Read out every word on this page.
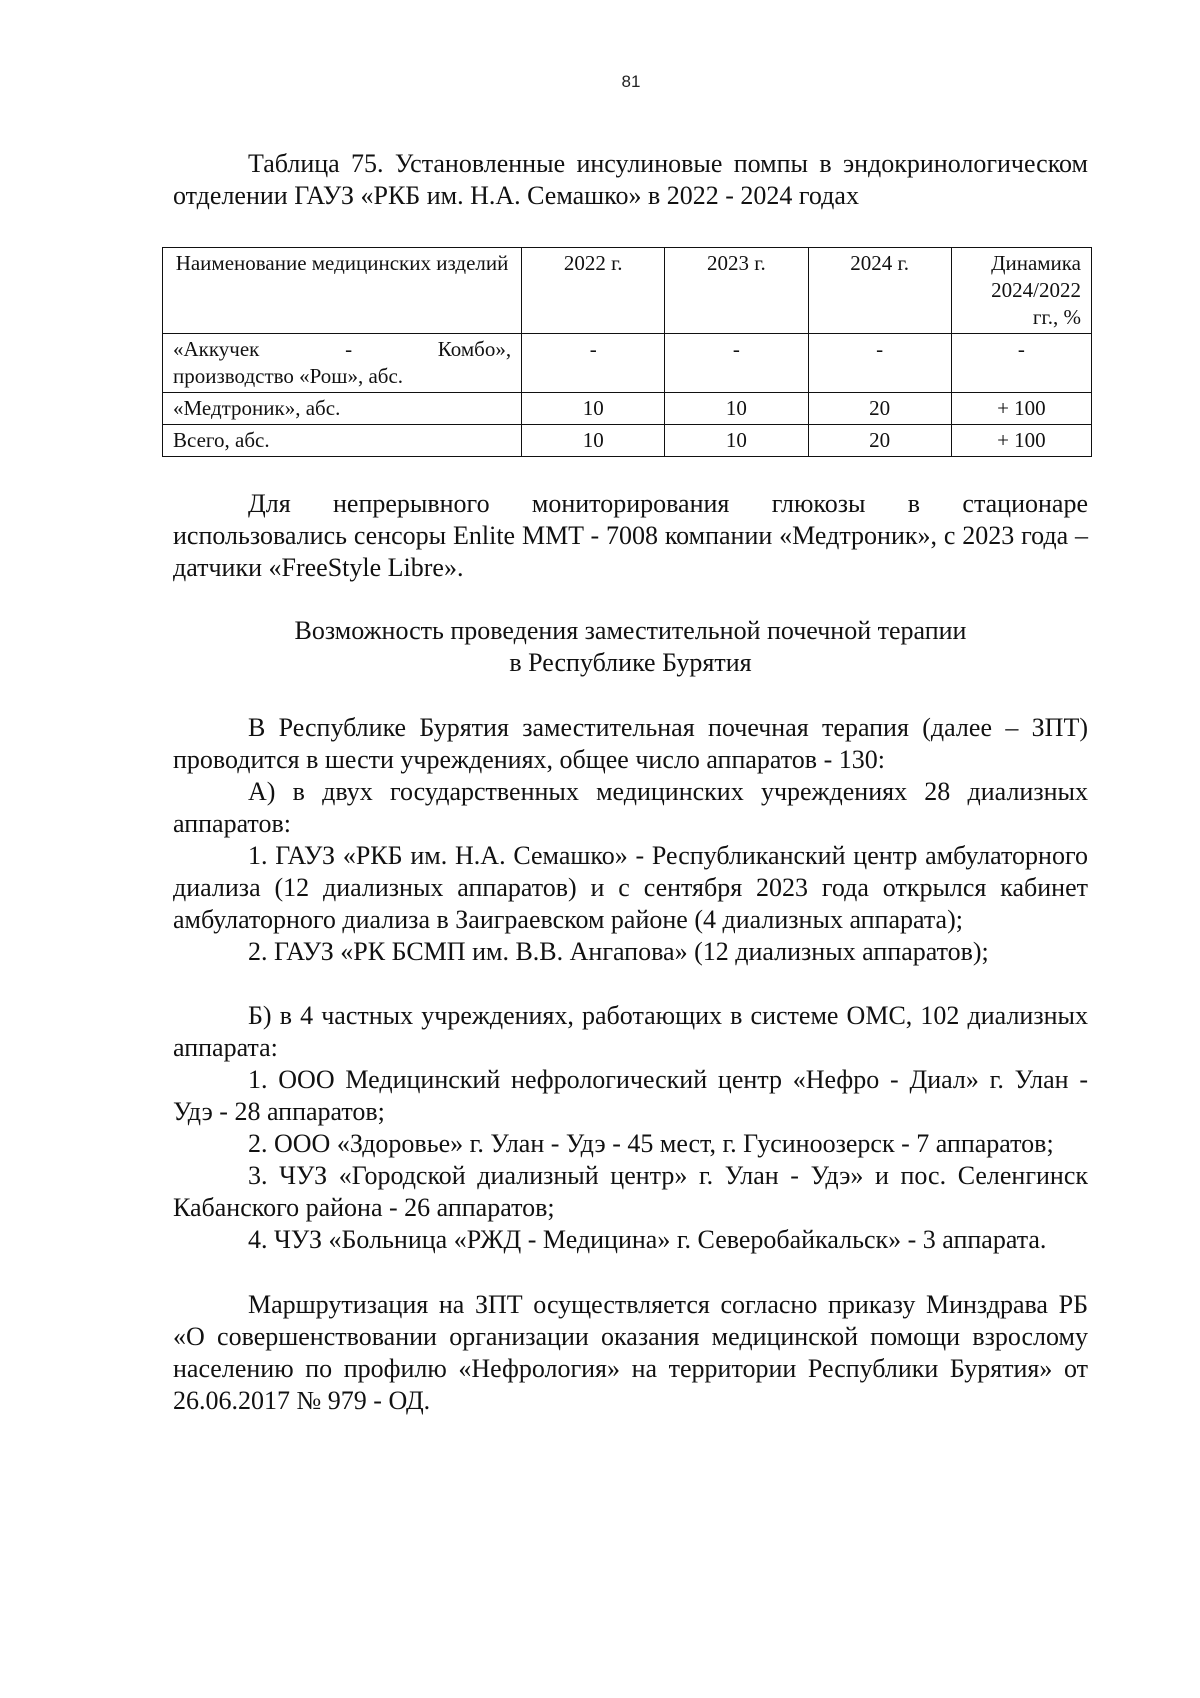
81

Таблица 75. Установленные инсулиновые помпы в эндокринологическом отделении ГАУЗ «РКБ им. Н.А. Семашко» в 2022 - 2024 годах

Наименование медицинских изделий	2022 г.	2023 г.	2024 г.	Динамика 2024/2022 гг., %

«Аккучек - Комбо»,
производство «Рош», абс.	-	-	-	-
«Медтроник», абс.	10	10	20	+ 100
Всего, абс.	10	10	20	+ 100

Для непрерывного мониторирования глюкозы в стационаре использовались сенсоры Enlite MMT - 7008 компании «Медтроник», с 2023 года – датчики «FreeStyle Libre».

Возможность проведения заместительной почечной терапии

в Республике Бурятия

В Республике Бурятия заместительная почечная терапия (далее – ЗПТ) проводится в шести учреждениях, общее число аппаратов - 130:

А) в двух государственных медицинских учреждениях 28 диализных аппаратов:

1. ГАУЗ «РКБ им. Н.А. Семашко» - Республиканский центр амбулаторного диализа (12 диализных аппаратов) и с сентября 2023 года открылся кабинет амбулаторного диализа в Заиграевском районе (4 диализных аппарата);

2. ГАУЗ «РК БСМП им. В.В. Ангапова» (12 диализных аппаратов);

Б) в 4 частных учреждениях, работающих в системе ОМС, 102 диализных аппарата:

1. ООО Медицинский нефрологический центр «Нефро - Диал» г. Улан - Удэ - 28 аппаратов;

2. ООО «Здоровье» г. Улан - Удэ - 45 мест, г. Гусиноозерск - 7 аппаратов;

3. ЧУЗ «Городской диализный центр» г. Улан - Удэ» и пос. Селенгинск Кабанского района - 26 аппаратов;

4. ЧУЗ «Больница «РЖД - Медицина» г. Северобайкальск» - 3 аппарата.

Маршрутизация на ЗПТ осуществляется согласно приказу Минздрава РБ «О совершенствовании организации оказания медицинской помощи взрослому населению по профилю «Нефрология» на территории Республики Бурятия» от 26.06.2017 № 979 - ОД.
